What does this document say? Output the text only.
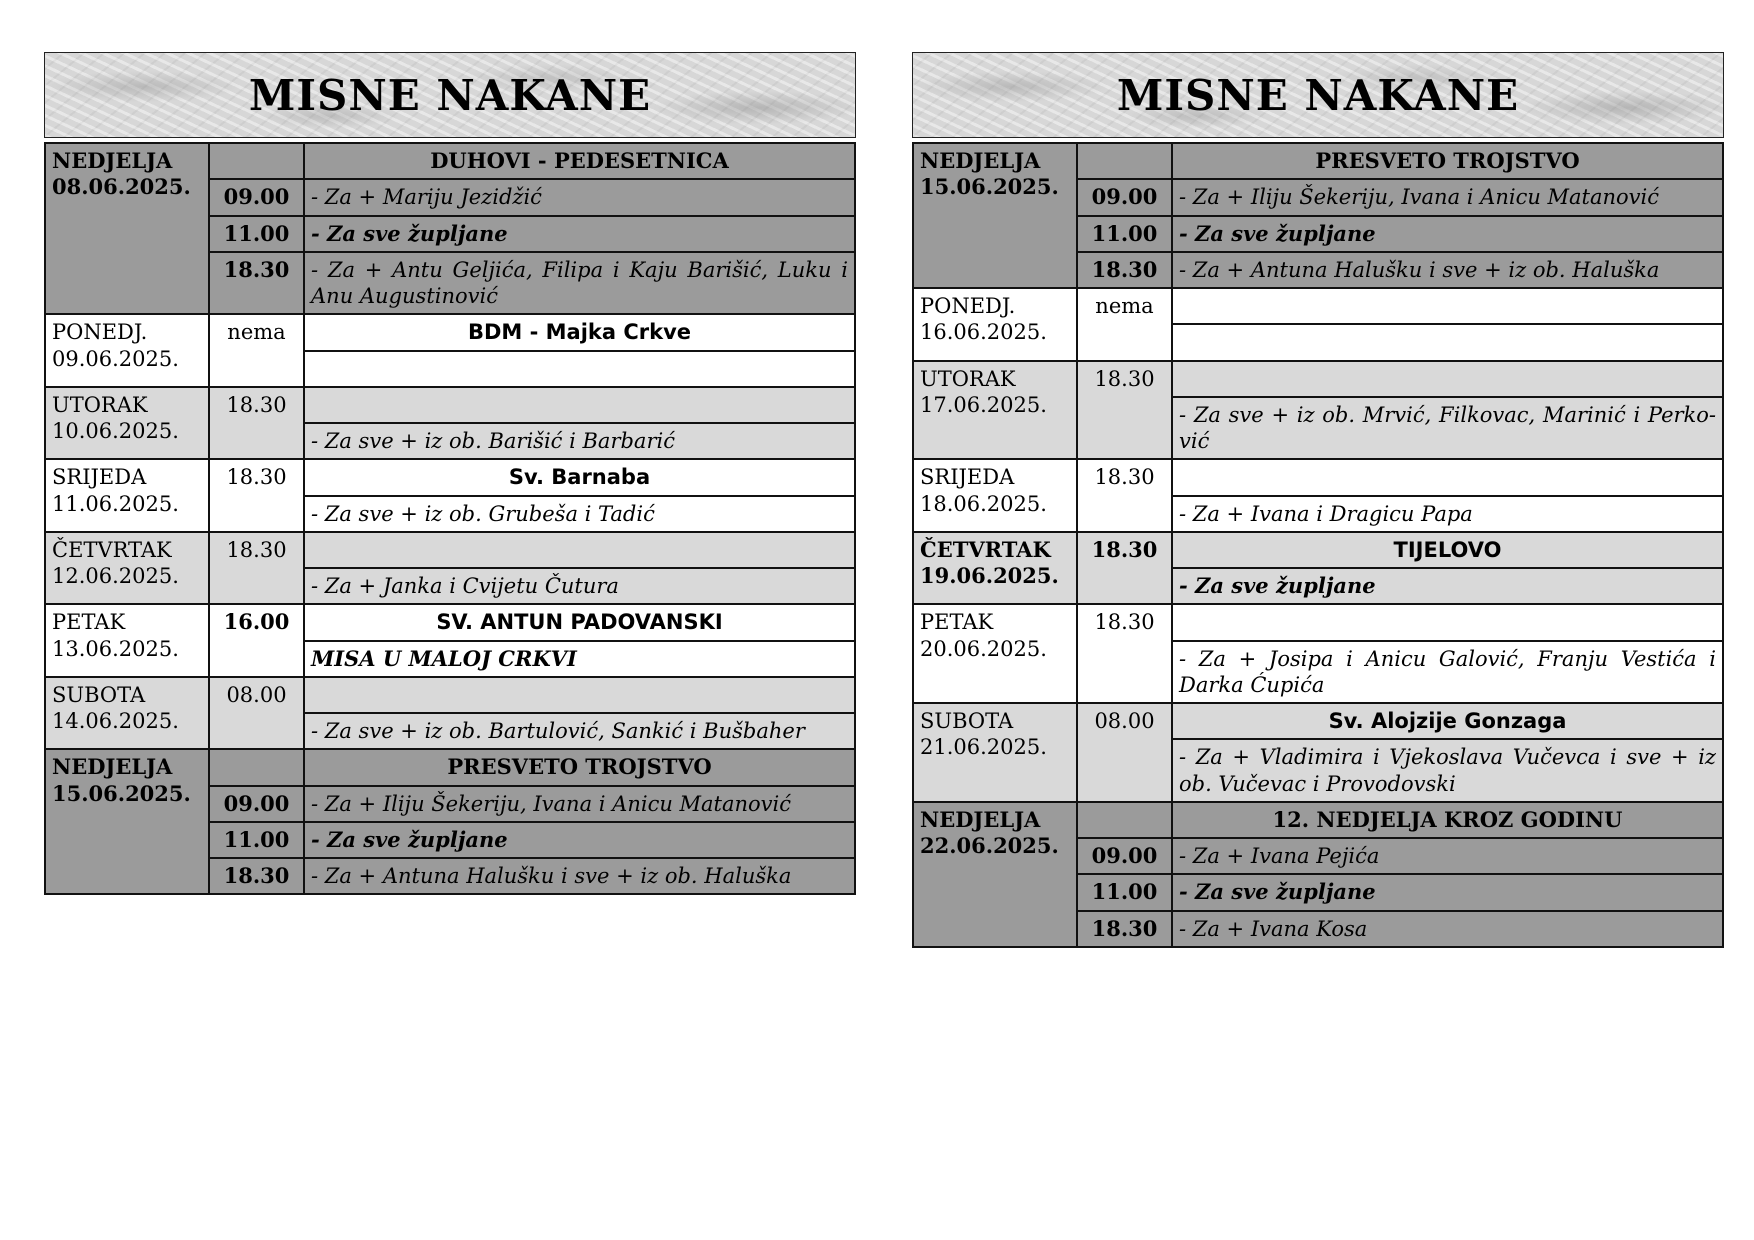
MISNE NAKANE
NEDJELJA
08.06.2025.		DUHOVI - PEDESETNICA
	09.00	- Za + Mariju Jezidžić
	11.00	- Za sve župljane
	18.30	- Za + Antu Geljića, Filipa i Kaju Barišić, Luku i Anu Augustinović

PONEDJ.
09.06.2025.	nema	BDM - Majka Crkve

UTORAK
10.06.2025.	18.30	
		- Za sve + iz ob. Barišić i Barbarić

SRIJEDA
11.06.2025.	18.30	Sv. Barnaba
		- Za sve + iz ob. Grubeša i Tadić

ČETVRTAK
12.06.2025.	18.30	
		- Za + Janka i Cvijetu Čutura

PETAK
13.06.2025.	16.00	SV. ANTUN PADOVANSKI
		MISA U MALOJ CRKVI

SUBOTA
14.06.2025.	08.00	
		- Za sve + iz ob. Bartulović, Sankić i Bušbaher

NEDJELJA
15.06.2025.		PRESVETO TROJSTVO
	09.00	- Za + Iliju Šekeriju, Ivana i Anicu Matanović
	11.00	- Za sve župljane
	18.30	- Za + Antuna Halušku i sve + iz ob. Haluška
MISNE NAKANE
NEDJELJA
15.06.2025.		PRESVETO TROJSTVO
	09.00	- Za + Iliju Šekeriju, Ivana i Anicu Matanović
	11.00	- Za sve župljane
	18.30	- Za + Antuna Halušku i sve + iz ob. Haluška

PONEDJ.
16.06.2025.	nema	

UTORAK
17.06.2025.	18.30	
		- Za sve + iz ob. Mrvić, Filkovac, Marinić i Perko-vić

SRIJEDA
18.06.2025.	18.30	
		- Za + Ivana i Dragicu Papa

ČETVRTAK
19.06.2025.	18.30	TIJELOVO
		- Za sve župljane

PETAK
20.06.2025.	18.30	
		- Za + Josipa i Anicu Galović, Franju Vestića i Darka Ćupića

SUBOTA
21.06.2025.	08.00	Sv. Alojzije Gonzaga
		- Za + Vladimira i Vjekoslava Vučevca i sve + iz ob. Vučevac i Provodovski

NEDJELJA
22.06.2025.		12. NEDJELJA KROZ GODINU
	09.00	- Za + Ivana Pejića
	11.00	- Za sve župljane
	18.30	- Za + Ivana Kosa
